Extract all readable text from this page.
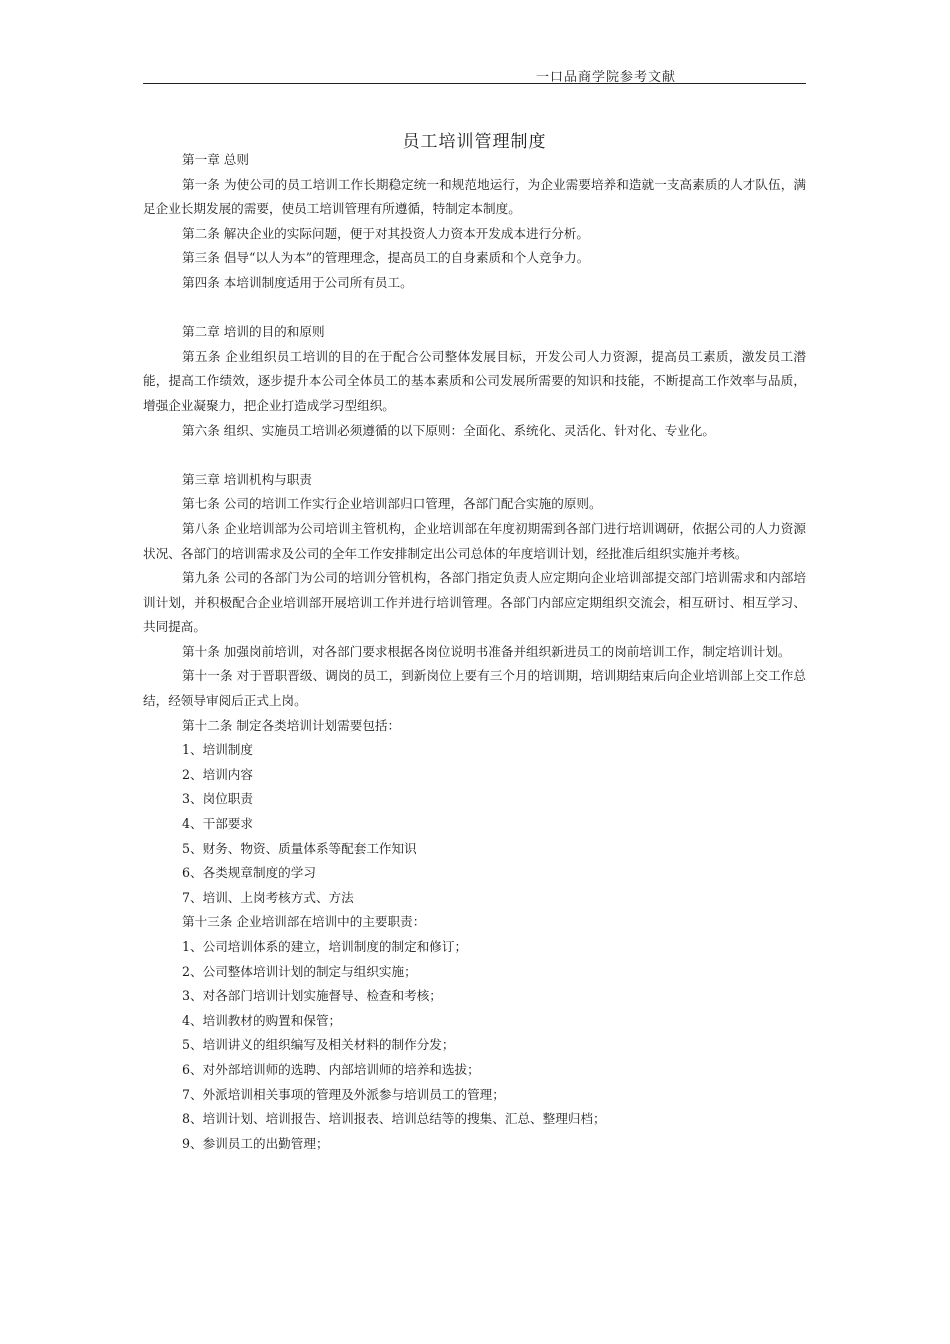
一口品商学院参考文献
员工培训管理制度

第一章 总则

第一条 为使公司的员工培训工作长期稳定统一和规范地运行，为企业需要培养和造就一支高素质的人才队伍，满足企业长期发展的需要，使员工培训管理有所遵循，特制定本制度。

第二条 解决企业的实际问题，便于对其投资人力资本开发成本进行分析。

第三条 倡导“以人为本”的管理理念，提高员工的自身素质和个人竞争力。

第四条 本培训制度适用于公司所有员工。

第二章 培训的目的和原则

第五条 企业组织员工培训的目的在于配合公司整体发展目标，开发公司人力资源，提高员工素质，激发员工潜能，提高工作绩效，逐步提升本公司全体员工的基本素质和公司发展所需要的知识和技能，不断提高工作效率与品质，增强企业凝聚力，把企业打造成学习型组织。

第六条 组织、实施员工培训必须遵循的以下原则：全面化、系统化、灵活化、针对化、专业化。

第三章 培训机构与职责

第七条 公司的培训工作实行企业培训部归口管理，各部门配合实施的原则。

第八条 企业培训部为公司培训主管机构，企业培训部在年度初期需到各部门进行培训调研，依据公司的人力资源状况、各部门的培训需求及公司的全年工作安排制定出公司总体的年度培训计划，经批准后组织实施并考核。

第九条 公司的各部门为公司的培训分管机构，各部门指定负责人应定期向企业培训部提交部门培训需求和内部培训计划，并积极配合企业培训部开展培训工作并进行培训管理。各部门内部应定期组织交流会，相互研讨、相互学习、共同提高。

第十条 加强岗前培训，对各部门要求根据各岗位说明书准备并组织新进员工的岗前培训工作，制定培训计划。

第十一条 对于晋职晋级、调岗的员工，到新岗位上要有三个月的培训期，培训期结束后向企业培训部上交工作总结，经领导审阅后正式上岗。

第十二条 制定各类培训计划需要包括：

1、培训制度

2、培训内容

3、岗位职责

4、干部要求

5、财务、物资、质量体系等配套工作知识

6、各类规章制度的学习

7、培训、上岗考核方式、方法

第十三条 企业培训部在培训中的主要职责：

1、公司培训体系的建立，培训制度的制定和修订；

2、公司整体培训计划的制定与组织实施；

3、对各部门培训计划实施督导、检查和考核；

4、培训教材的购置和保管；

5、培训讲义的组织编写及相关材料的制作分发；

6、对外部培训师的选聘、内部培训师的培养和选拔；

7、外派培训相关事项的管理及外派参与培训员工的管理；

8、培训计划、培训报告、培训报表、培训总结等的搜集、汇总、整理归档；

9、参训员工的出勤管理；
